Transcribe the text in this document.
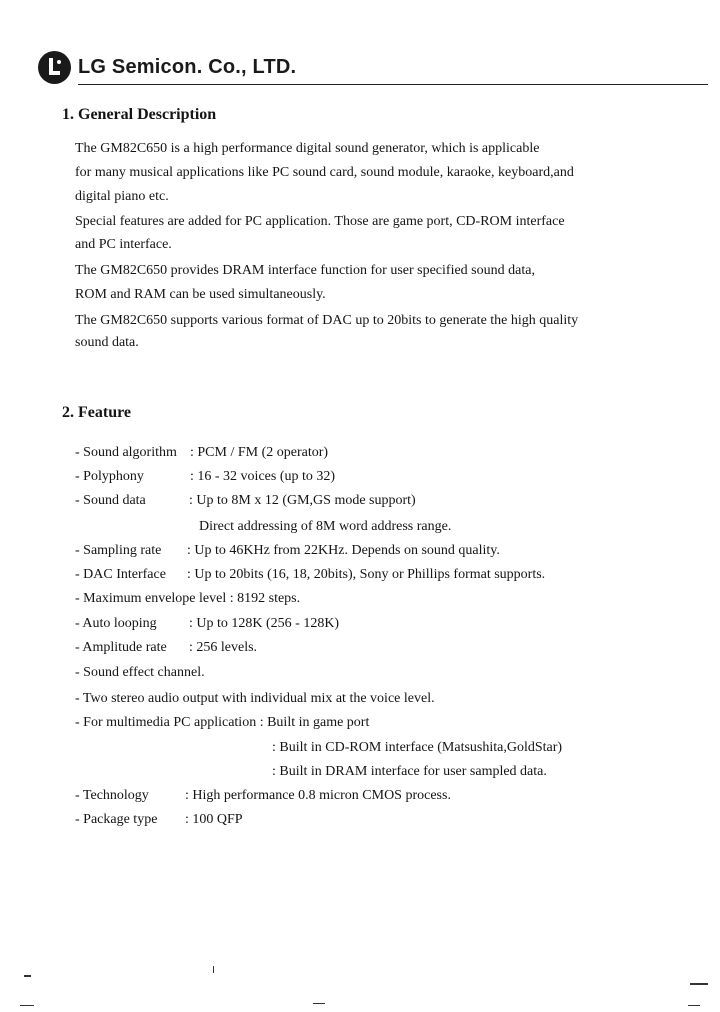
LG Semicon. Co., LTD.
1. General Description

The GM82C650 is a high performance digital sound generator, which is applicable

for many musical applications like PC sound card, sound module, karaoke, keyboard,and

digital piano etc.

Special features are added for PC application. Those are game port, CD-ROM interface

and PC interface.

The GM82C650 provides DRAM interface function for user specified sound data,

ROM and RAM can be used simultaneously.

The GM82C650 supports various format of DAC up to 20bits to generate the high quality

sound data.

2. Feature

- Sound algorithm : PCM / FM (2 operator)

- Polyphony	: 16 - 32 voices (up to 32)

- Sound data	: Up to 8M x 12 (GM,GS mode support)

Direct addressing of 8M word address range.

- Sampling rate : Up to 46KHz from 22KHz. Depends on sound quality.

- DAC Interface : Up to 20bits (16, 18, 20bits), Sony or Phillips format supports.

- Maximum envelope level : 8192 steps.

- Auto looping : Up to 128K (256 - 128K)

- Amplitude rate : 256 levels.

- Sound effect channel.

- Two stereo audio output with individual mix at the voice level.

- For multimedia PC application : Built in game port

: Built in CD-ROM interface (Matsushita,GoldStar)

: Built in DRAM interface for user sampled data.

- Technology	: High performance 0.8 micron CMOS process.

- Package type : 100 QFP
